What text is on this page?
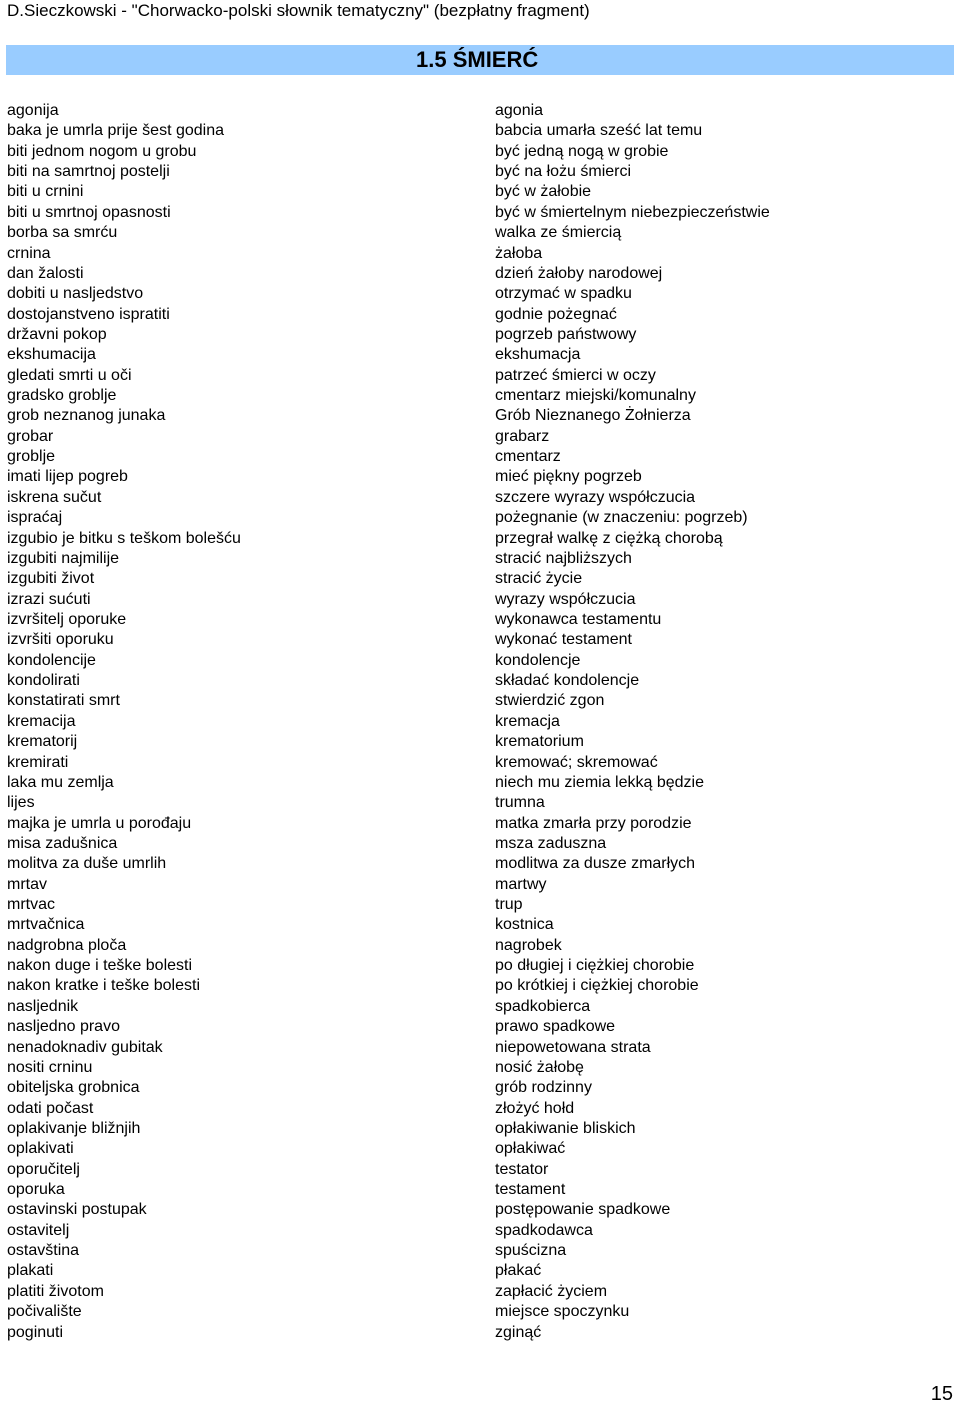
D.Sieczkowski - "Chorwacko-polski słownik tematyczny" (bezpłatny fragment)
1.5 ŚMIERĆ
agonija
baka je umrla prije šest godina
biti jednom nogom u grobu
biti na samrtnoj postelji
biti u crnini
biti u smrtnoj opasnosti
borba sa smrću
crnina
dan žalosti
dobiti u nasljedstvo
dostojanstveno ispratiti
državni pokop
ekshumacija
gledati smrti u oči
gradsko groblje
grob neznanog junaka
grobar
groblje
imati lijep pogreb
iskrena sučut
ispraćaj
izgubio je bitku s teškom bolešću
izgubiti najmilije
izgubiti život
izrazi sućuti
izvršitelj oporuke
izvršiti oporuku
kondolencije
kondolirati
konstatirati smrt
kremacija
krematorij
kremirati
laka mu zemlja
lijes
majka je umrla u porođaju
misa zadušnica
molitva za duše umrlih
mrtav
mrtvac
mrtvačnica
nadgrobna ploča
nakon duge i teške bolesti
nakon kratke i teške bolesti
nasljednik
nasljedno pravo
nenadoknadiv gubitak
nositi crninu
obiteljska grobnica
odati počast
oplakivanje bližnjih
oplakivati
oporučitelj
oporuka
ostavinski postupak
ostavitelj
ostavština
plakati
platiti životom
počivalište
poginuti
agonia
babcia umarła sześć lat temu
być jedną nogą w grobie
być na łożu śmierci
być w żałobie
być w śmiertelnym niebezpieczeństwie
walka ze śmiercią
żałoba
dzień żałoby narodowej
otrzymać w spadku
godnie pożegnać
pogrzeb państwowy
ekshumacja
patrzeć śmierci w oczy
cmentarz miejski/komunalny
Grób Nieznanego Żołnierza
grabarz
cmentarz
mieć piękny pogrzeb
szczere wyrazy współczucia
pożegnanie (w znaczeniu: pogrzeb)
przegrał walkę z ciężką chorobą
stracić najbliższych
stracić życie
wyrazy współczucia
wykonawca testamentu
wykonać testament
kondolencje
składać kondolencje
stwierdzić zgon
kremacja
krematorium
kremować; skremować
niech mu ziemia lekką będzie
trumna
matka zmarła przy porodzie
msza zaduszna
modlitwa za dusze zmarłych
martwy
trup
kostnica
nagrobek
po długiej i ciężkiej chorobie
po krótkiej i ciężkiej chorobie
spadkobierca
prawo spadkowe
niepowetowana strata
nosić żałobę
grób rodzinny
złożyć hołd
opłakiwanie bliskich
opłakiwać
testator
testament
postępowanie spadkowe
spadkodawca
spuścizna
płakać
zapłacić życiem
miejsce spoczynku
zginąć
15
